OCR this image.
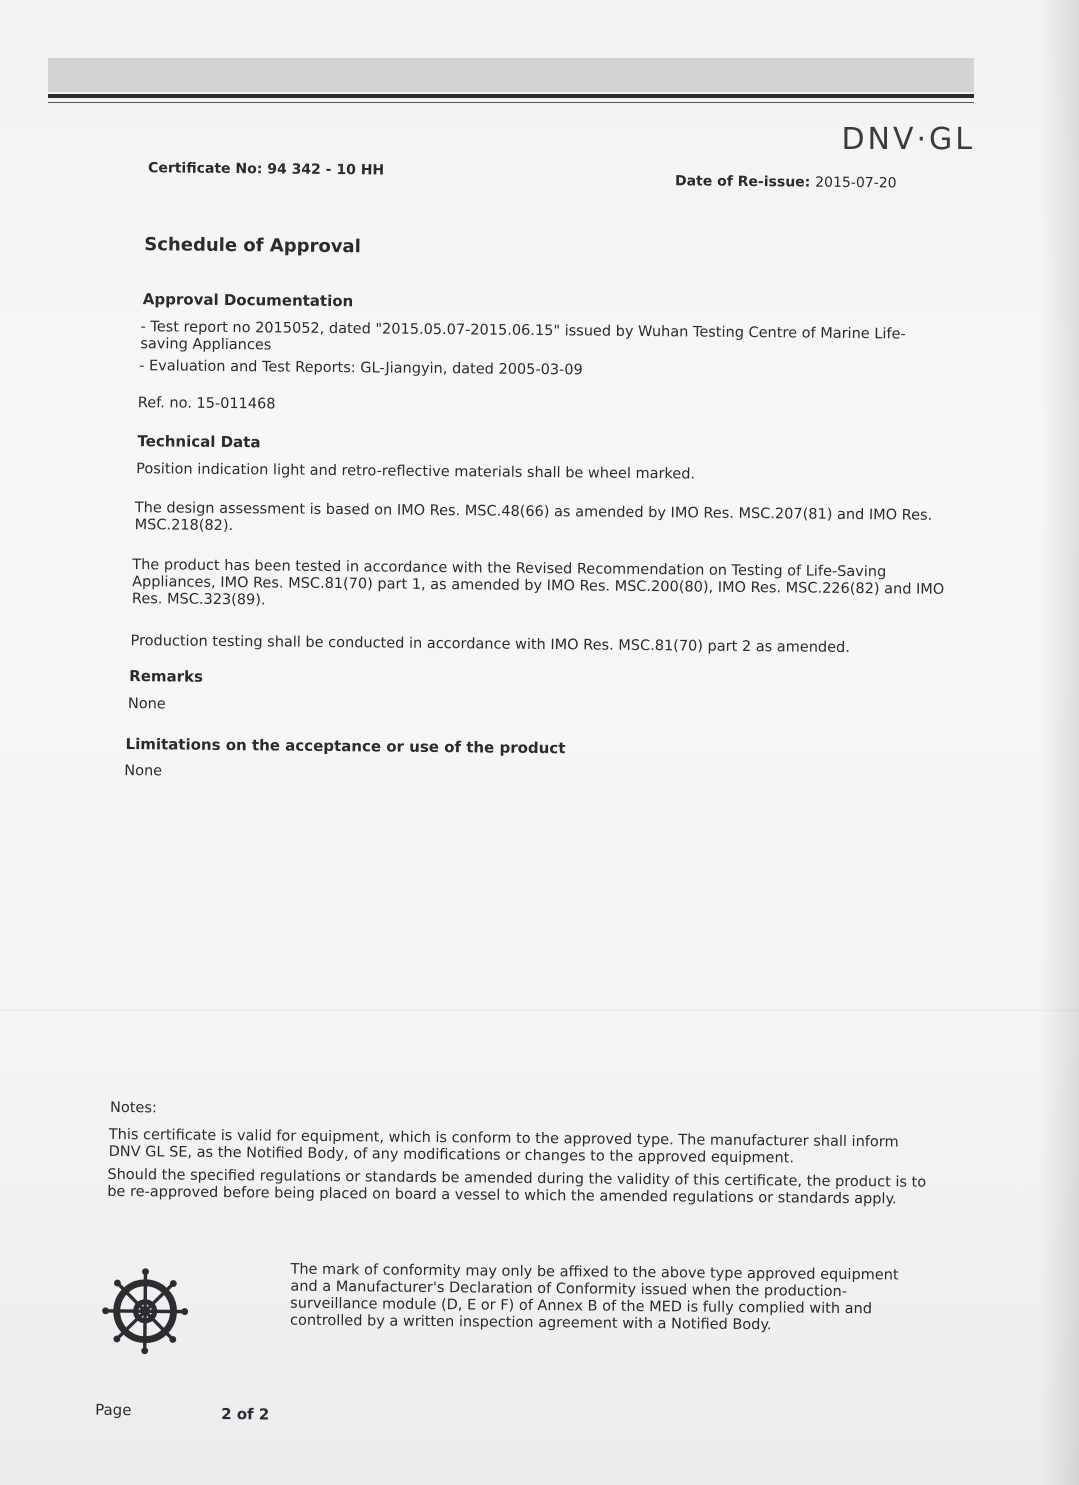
DNV·GL
Certificate No: 94 342 - 10 HH
Date of Re-issue: 2015-07-20
Schedule of Approval
Approval Documentation
- Test report no 2015052, dated "2015.05.07-2015.06.15" issued by Wuhan Testing Centre of Marine Life-saving Appliances
- Evaluation and Test Reports: GL-Jiangyin, dated 2005-03-09
Ref. no. 15-011468
Technical Data
Position indication light and retro-reflective materials shall be wheel marked.
The design assessment is based on IMO Res. MSC.48(66) as amended by IMO Res. MSC.207(81) and IMO Res. MSC.218(82).
The product has been tested in accordance with the Revised Recommendation on Testing of Life-Saving Appliances, IMO Res. MSC.81(70) part 1, as amended by IMO Res. MSC.200(80), IMO Res. MSC.226(82) and IMO Res. MSC.323(89).
Production testing shall be conducted in accordance with IMO Res. MSC.81(70) part 2 as amended.
Remarks
None
Limitations on the acceptance or use of the product
None
Notes:
This certificate is valid for equipment, which is conform to the approved type. The manufacturer shall inform DNV GL SE, as the Notified Body, of any modifications or changes to the approved equipment.
Should the specified regulations or standards be amended during the validity of this certificate, the product is to be re-approved before being placed on board a vessel to which the amended regulations or standards apply.
The mark of conformity may only be affixed to the above type approved equipment and a Manufacturer's Declaration of Conformity issued when the production-surveillance module (D, E or F) of Annex B of the MED is fully complied with and controlled by a written inspection agreement with a Notified Body.
Page	2 of 2
